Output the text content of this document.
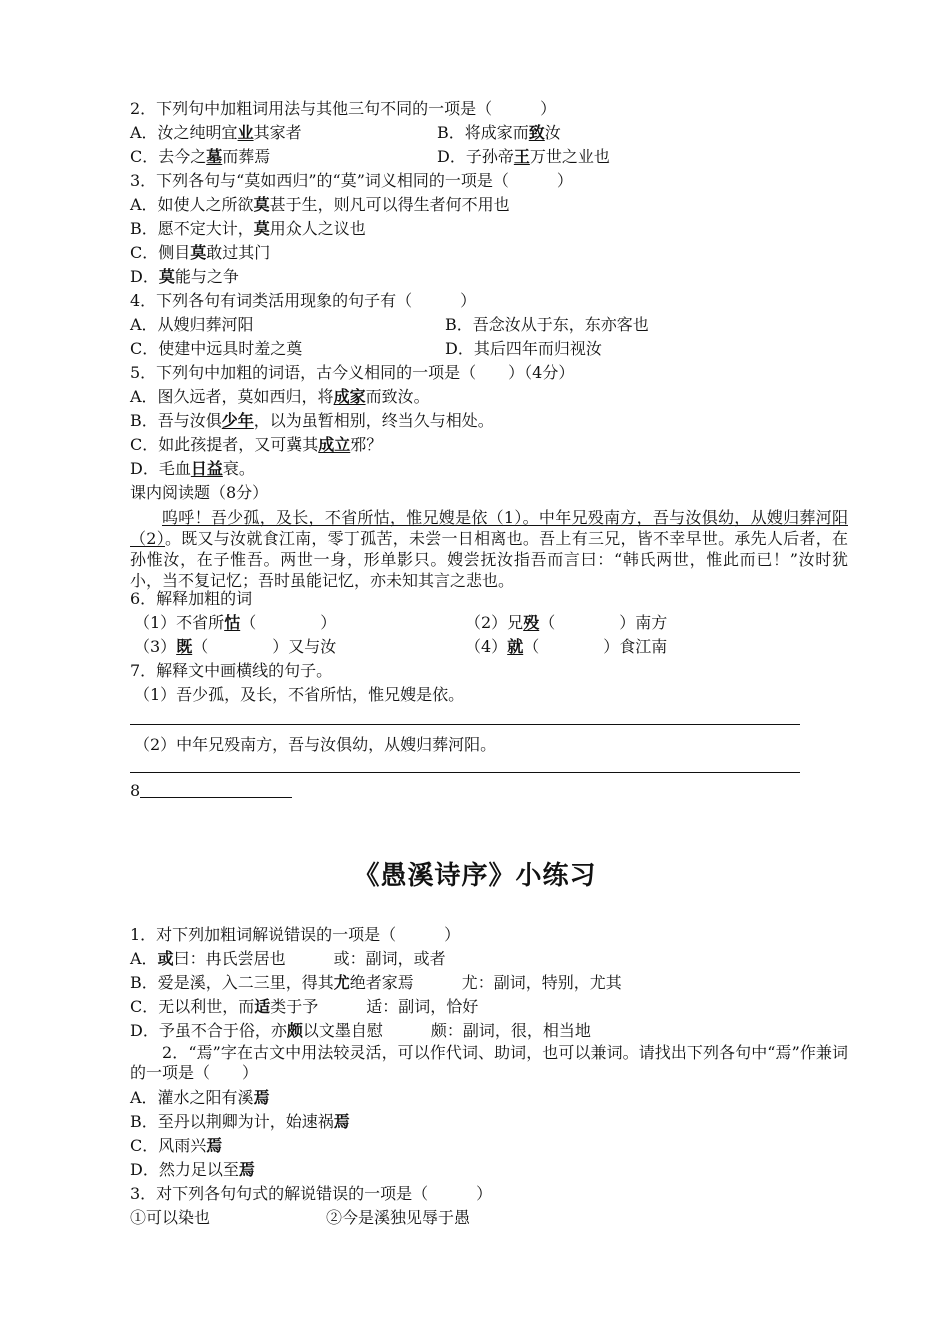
2．下列句中加粗词用法与其他三句不同的一项是（　　　）
A．汝之纯明宜业其家者	B．将成家而致汝
C．去今之墓而葬焉	D．子孙帝王万世之业也
3．下列各句与“莫如西归”的“莫”词义相同的一项是（　　　）
A．如使人之所欲莫甚于生，则凡可以得生者何不用也
B．愿不定大计，莫用众人之议也
C．侧目莫敢过其门
D．莫能与之争
4．下列各句有词类活用现象的句子有（　　　）
A．从嫂归葬河阳	B．吾念汝从于东，东亦客也
C．使建中远具时羞之奠	D．其后四年而归视汝
5．下列句中加粗的词语，古今义相同的一项是（　　）（4分）
A．图久远者，莫如西归，将成家而致汝。
B．吾与汝俱少年，以为虽暂相别，终当久与相处。
C．如此孩提者，又可冀其成立邪？
D．毛血日益衰。
课内阅读题（8分）
呜呼！吾少孤，及长，不省所怙，惟兄嫂是依（1）。中年兄殁南方，吾与汝俱幼，从嫂归葬河阳（2）。既又与汝就食江南，零丁孤苦，未尝一日相离也。吾上有三兄，皆不幸早世。承先人后者，在孙惟汝，在子惟吾。两世一身，形单影只。嫂尝抚汝指吾而言曰：“韩氏两世，惟此而已！”汝时犹小，当不复记忆；吾时虽能记忆，亦未知其言之悲也。
6．解释加粗的词
（1）不省所怙（　　　　）	（2）兄殁（　　　　）南方
（3）既（　　　　）又与汝	（4）就（　　　　）食江南
7．解释文中画横线的句子。
（1）吾少孤，及长，不省所怙，惟兄嫂是依。
（2）中年兄殁南方，吾与汝俱幼，从嫂归葬河阳。
8
《愚溪诗序》小练习
1．对下列加粗词解说错误的一项是（　　　）
A．或曰：冉氏尝居也　　　或：副词，或者
B．爱是溪，入二三里，得其尤绝者家焉　　　尤：副词，特别，尤其
C．无以利世，而适类于予　　　适：副词，恰好
D．予虽不合于俗，亦颇以文墨自慰　　　颇：副词，很，相当地
2．“焉”字在古文中用法较灵活，可以作代词、助词，也可以兼词。请找出下列各句中“焉”作兼词的一项是（　　）
A．灌水之阳有溪焉
B．至丹以荆卿为计，始速祸焉
C．风雨兴焉
D．然力足以至焉
3．对下列各句句式的解说错误的一项是（　　　）
①可以染也	②今是溪独见辱于愚
